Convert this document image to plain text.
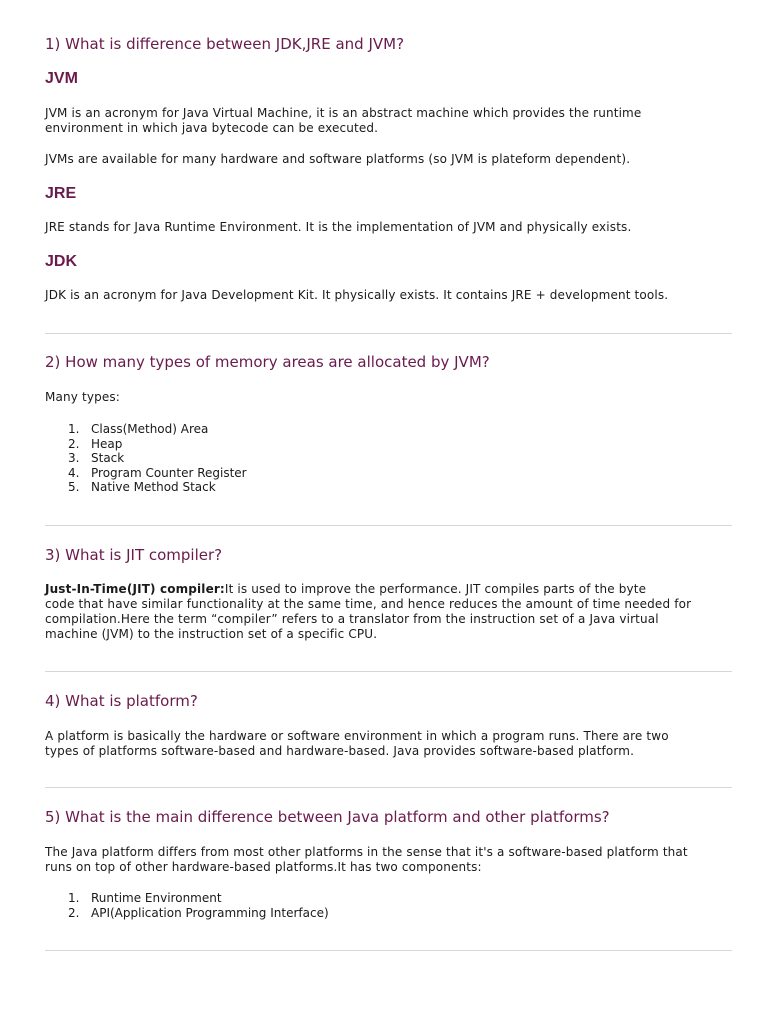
1) What is difference between JDK,JRE and JVM?
JVM
JVM is an acronym for Java Virtual Machine, it is an abstract machine which provides the runtime
environment in which java bytecode can be executed.
JVMs are available for many hardware and software platforms (so JVM is plateform dependent).
JRE
JRE stands for Java Runtime Environment. It is the implementation of JVM and physically exists.
JDK
JDK is an acronym for Java Development Kit. It physically exists. It contains JRE + development tools.
2) How many types of memory areas are allocated by JVM?
Many types:
1. Class(Method) Area
2. Heap
3. Stack
4. Program Counter Register
5. Native Method Stack
3) What is JIT compiler?
Just-In-Time(JIT) compiler:It is used to improve the performance. JIT compiles parts of the byte
code that have similar functionality at the same time, and hence reduces the amount of time needed for
compilation.Here the term “compiler” refers to a translator from the instruction set of a Java virtual
machine (JVM) to the instruction set of a specific CPU.
4) What is platform?
A platform is basically the hardware or software environment in which a program runs. There are two
types of platforms software-based and hardware-based. Java provides software-based platform.
5) What is the main difference between Java platform and other platforms?
The Java platform differs from most other platforms in the sense that it's a software-based platform that
runs on top of other hardware-based platforms.It has two components:
1. Runtime Environment
2. API(Application Programming Interface)
